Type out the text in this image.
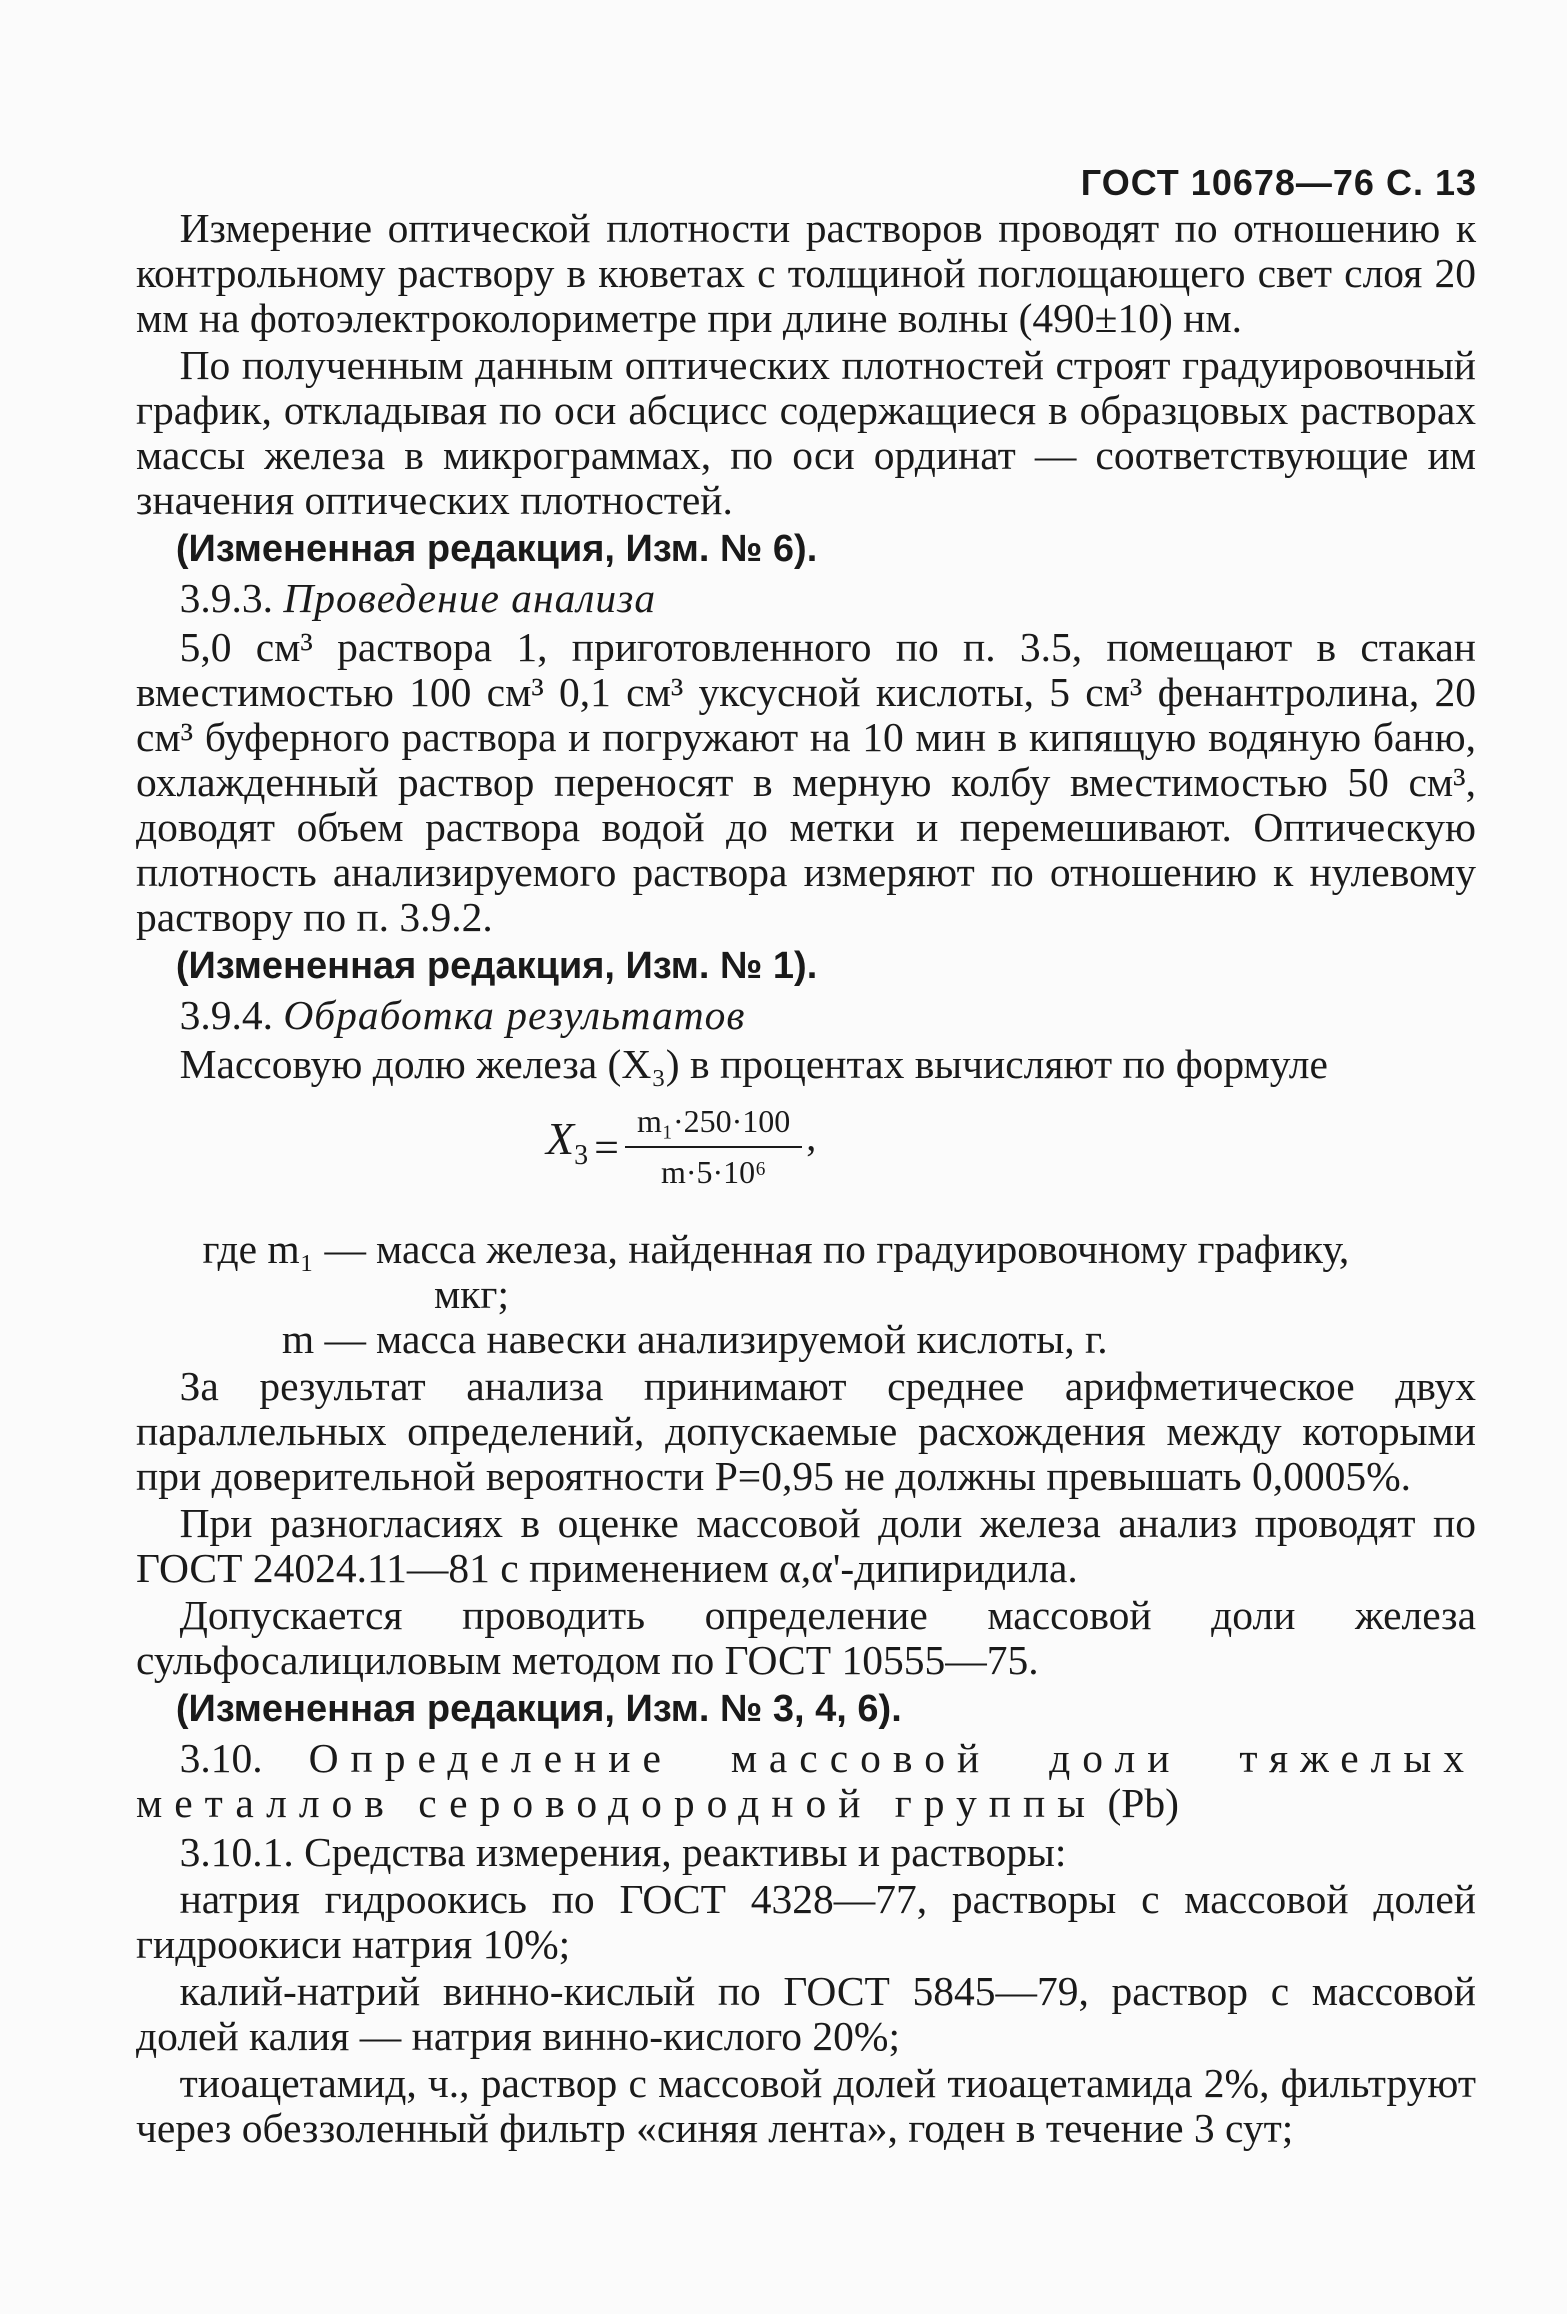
ГОСТ 10678—76 С. 13

Измерение оптической плотности растворов проводят по отношению к контрольному раствору в кюветах с толщиной поглощающего свет слоя 20 мм на фотоэлектроколориметре при длине волны (490±10) нм.

По полученным данным оптических плотностей строят градуировочный график, откладывая по оси абсцисс содержащиеся в образцовых растворах массы железа в микрограммах, по оси ординат — соответствующие им значения оптических плотностей.

(Измененная редакция, Изм. № 6).
3.9.3. Проведение анализа

5,0 см³ раствора 1, приготовленного по п. 3.5, помещают в стакан вместимостью 100 см³ 0,1 см³ уксусной кислоты, 5 см³ фенантролина, 20 см³ буферного раствора и погружают на 10 мин в кипящую водяную баню, охлажденный раствор переносят в мерную колбу вместимостью 50 см³, доводят объем раствора водой до метки и перемешивают. Оптическую плотность анализируемого раствора измеряют по отношению к нулевому раствору по п. 3.9.2.

(Измененная редакция, Изм. № 1).
3.9.4. Обработка результатов

Массовую долю железа (X₃) в процентах вычисляют по формуле

$X_3 = \frac{\text{m₁·250·100}}{\text{m·5·10⁶}}$ ,
где m₁ — масса железа, найденная по градуировочному графику,
мкг;
m — масса навески анализируемой кислоты, г.

За результат анализа принимают среднее арифметическое двух параллельных определений, допускаемые расхождения между которыми при доверительной вероятности P=0,95 не должны превышать 0,0005%.

При разногласиях в оценке массовой доли железа анализ проводят по ГОСТ 24024.11—81 с применением α,α'-дипиридила.

Допускается проводить определение массовой доли железа сульфосалициловым методом по ГОСТ 10555—75.

(Измененная редакция, Изм. № 3, 4, 6).
3.10. Определение массовой доли тяжелых металлов сероводородной группы (Pb)

3.10.1. Средства измерения, реактивы и растворы:

натрия гидроокись по ГОСТ 4328—77, растворы с массовой долей гидроокиси натрия 10%;

калий-натрий винно-кислый по ГОСТ 5845—79, раствор с массовой долей калия — натрия винно-кислого 20%;

тиоацетамид, ч., раствор с массовой долей тиоацетамида 2%, фильтруют через обеззоленный фильтр «синяя лента», годен в течение 3 сут;
